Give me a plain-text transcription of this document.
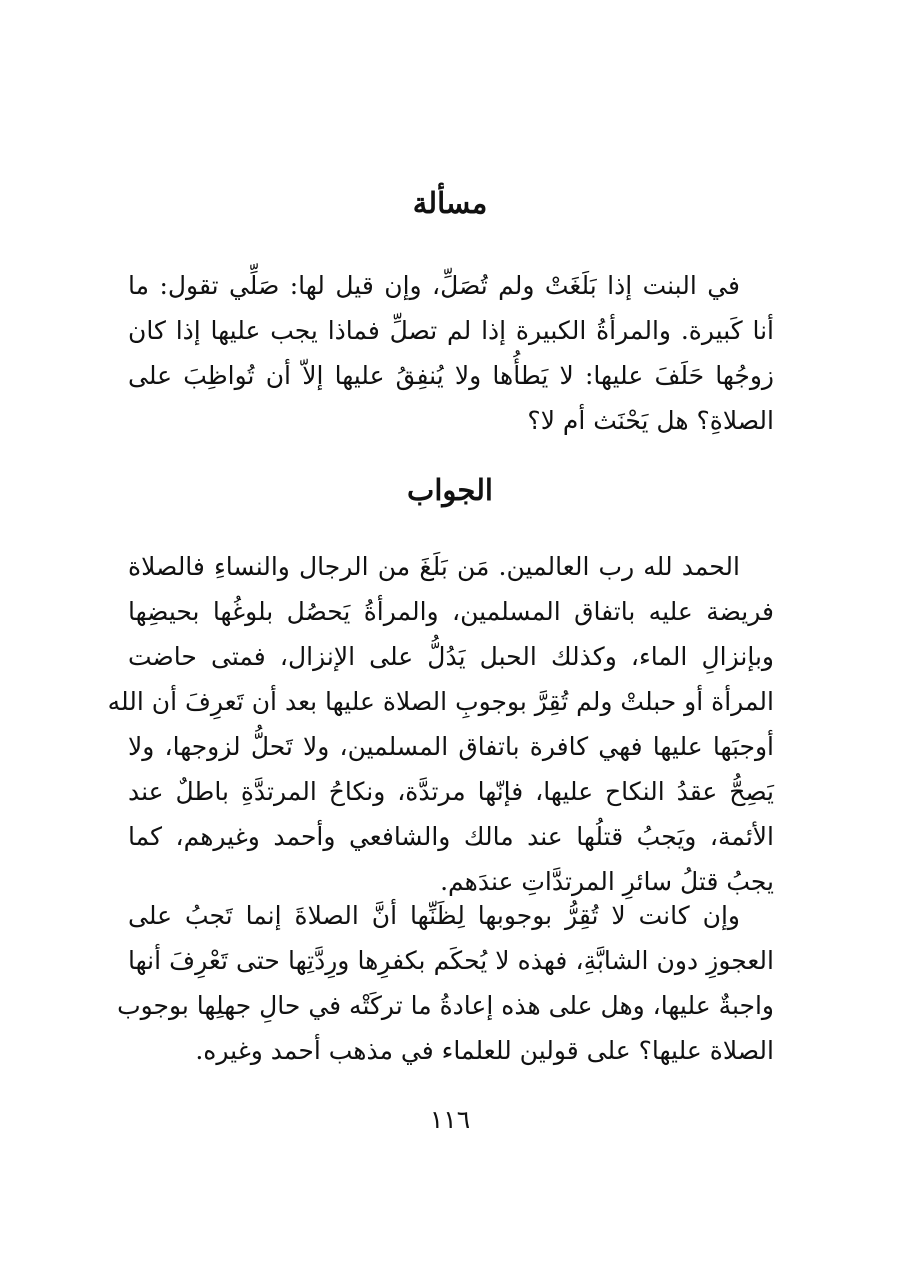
مسألة
في البنت إذا بَلَغَتْ ولم تُصَلِّ، وإن قيل لها: صَلِّي تقول: ما
أنا كَبيرة. والمرأةُ الكبيرة إذا لم تصلِّ فماذا يجب عليها إذا كان
زوجُها حَلَفَ عليها: لا يَطأُها ولا يُنفِقُ عليها إلاّ أن تُواظِبَ على
الصلاةِ؟ هل يَحْنَث أم لا؟
الجواب
الحمد لله رب العالمين. مَن بَلَغَ من الرجال والنساءِ فالصلاة
فريضة عليه باتفاق المسلمين، والمرأةُ يَحصُل بلوغُها بحيضِها
وبإنزالِ الماء، وكذلك الحبل يَدُلُّ على الإنزال، فمتى حاضت
المرأة أو حبلتْ ولم تُقِرَّ بوجوبِ الصلاة عليها بعد أن تَعرِفَ أن الله
أوجبَها عليها فهي كافرة باتفاق المسلمين، ولا تَحلُّ لزوجها، ولا
يَصِحُّ عقدُ النكاح عليها، فإنّها مرتدَّة، ونكاحُ المرتدَّةِ باطلٌ عند
الأئمة، ويَجبُ قتلُها عند مالك والشافعي وأحمد وغيرهم، كما
يجبُ قتلُ سائرِ المرتدَّاتِ عندَهم.
وإن كانت لا تُقِرُّ بوجوبها لِظَنِّها أنَّ الصلاةَ إنما تَجبُ على
العجوزِ دون الشابَّةِ، فهذه لا يُحكَم بكفرِها ورِدَّتِها حتى تَعْرِفَ أنها
واجبةٌ عليها، وهل على هذه إعادةُ ما تركَتْه في حالِ جهلِها بوجوب
الصلاة عليها؟ على قولين للعلماء في مذهب أحمد وغيره.
١١٦
